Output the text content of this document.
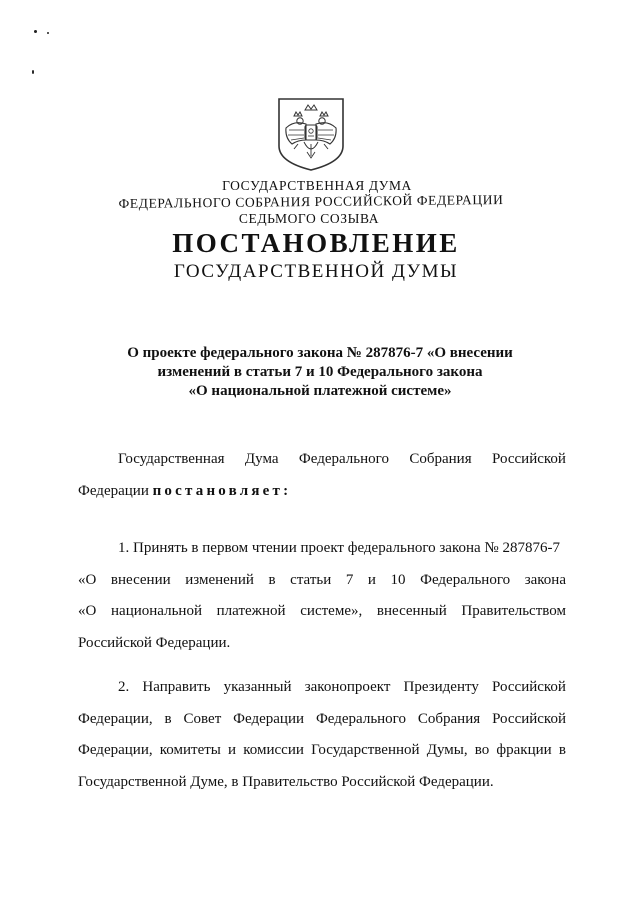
ГОСУДАРСТВЕННАЯ ДУМА
ФЕДЕРАЛЬНОГО СОБРАНИЯ РОССИЙСКОЙ ФЕДЕРАЦИИ
СЕДЬМОГО СОЗЫВА
ПОСТАНОВЛЕНИЕ
ГОСУДАРСТВЕННОЙ ДУМЫ
О проекте федерального закона № 287876-7 «О внесении
изменений в статьи 7 и 10 Федерального закона
«О национальной платежной системе»
Государственная Дума Федерального Собрания Российской
Федерации постановляет:
1. Принять в первом чтении проект федерального закона № 287876-7
«О внесении изменений в статьи 7 и 10 Федерального закона
«О национальной платежной системе», внесенный Правительством
Российской Федерации.
2. Направить указанный законопроект Президенту Российской
Федерации, в Совет Федерации Федерального Собрания Российской
Федерации, комитеты и комиссии Государственной Думы, во фракции в
Государственной Думе, в Правительство Российской Федерации.
